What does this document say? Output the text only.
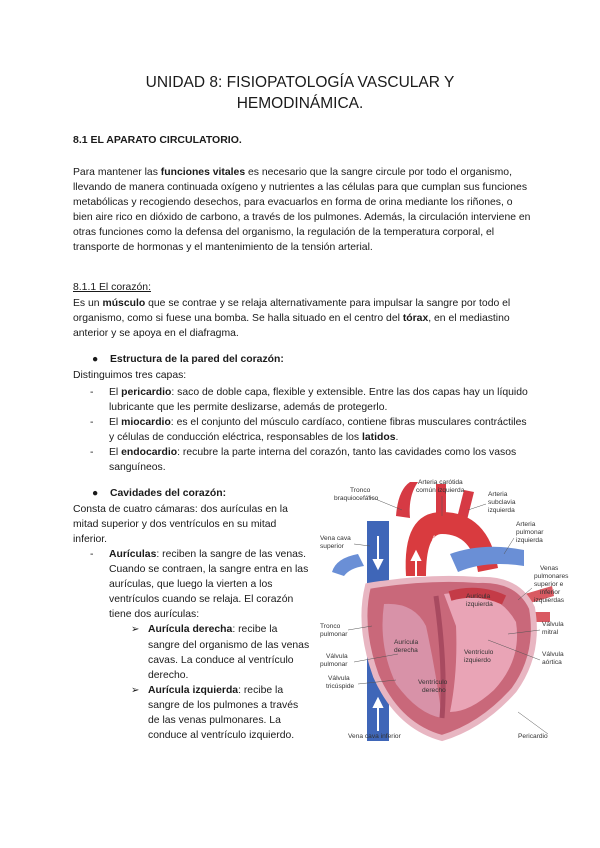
UNIDAD 8: FISIOPATOLOGÍA VASCULAR Y
HEMODINÁMICA.

8.1 EL APARATO CIRCULATORIO.

Para mantener las funciones vitales es necesario que la sangre circule por todo el organismo, llevando de manera continuada oxígeno y nutrientes a las células para que cumplan sus funciones metabólicas y recogiendo desechos, para evacuarlos en forma de orina mediante los riñones, o bien aire rico en dióxido de carbono, a través de los pulmones. Además, la circulación interviene en otras funciones como la defensa del organismo, la regulación de la temperatura corporal, el transporte de hormonas y el mantenimiento de la tensión arterial.

8.1.1 El corazón:

Es un músculo que se contrae y se relaja alternativamente para impulsar la sangre por todo el organismo, como si fuese una bomba. Se halla situado en el centro del tórax, en el mediastino anterior y se apoya en el diafragma.

● Estructura de la pared del corazón:

Distinguimos tres capas:

- El pericardio: saco de doble capa, flexible y extensible. Entre las dos capas hay un líquido lubricante que les permite deslizarse, además de protegerlo.
- El miocardio: es el conjunto del músculo cardíaco, contiene fibras musculares contráctiles y células de conducción eléctrica, responsables de los latidos.
- El endocardio: recubre la parte interna del corazón, tanto las cavidades como los vasos sanguíneos.

● Cavidades del corazón:

Consta de cuatro cámaras: dos aurículas en la mitad superior y dos ventrículos en su mitad inferior.

- Aurículas: reciben la sangre de las venas. Cuando se contraen, la sangre entra en las aurículas, que luego la vierten a los ventrículos cuando se relaja. El corazón tiene dos aurículas:
➢ Aurícula derecha: recibe la sangre del organismo de las venas cavas. La conduce al ventrículo derecho.
➢ Aurícula izquierda: recibe la sangre de los pulmones a través de las venas pulmonares. La conduce al ventrículo izquierdo.
Tronco braquiocefálico
Arteria carótida común izquierda
Arteria subclavia izquierda
Arteria pulmonar izquierda
Vena cava superior
Aorta
Venas pulmonares superior e inferior izquierdas
Aurícula izquierda
Aurícula derecha
Tronco pulmonar
Válvula mitral
Válvula pulmonar
Ventrículo izquierdo
Válvula aórtica
Válvula tricúspide
Ventrículo derecho
Vena cava inferior	Pericardio
